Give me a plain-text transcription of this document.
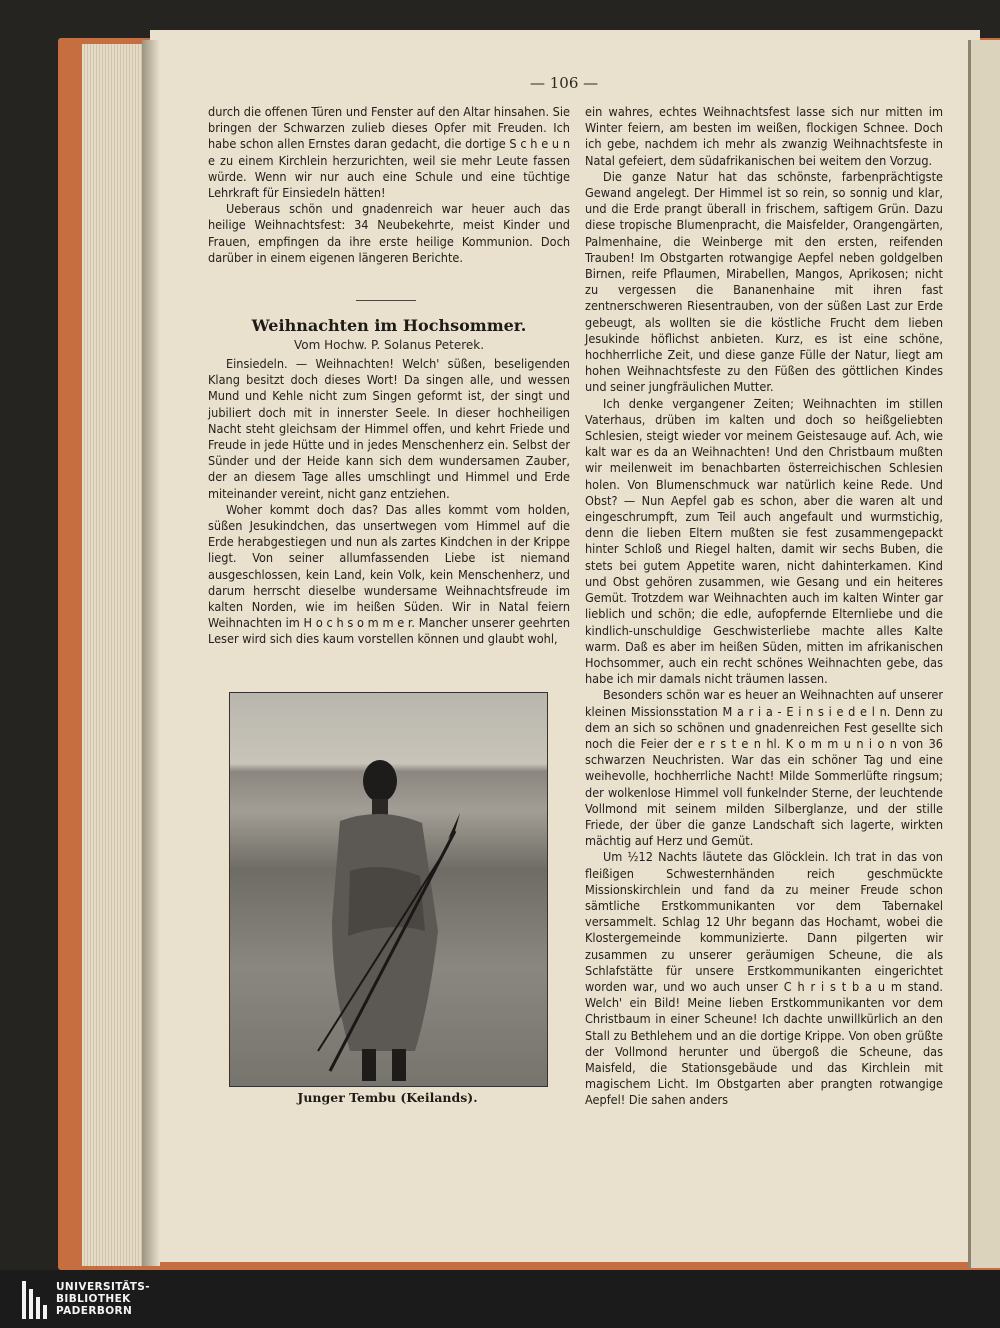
— 106 —

durch die offenen Türen und Fenster auf den Altar hinsahen. Sie bringen der Schwarzen zulieb dieses Opfer mit Freuden. Ich habe schon allen Ernstes daran gedacht, die dortige S c h e u n e zu einem Kirchlein herzurichten, weil sie mehr Leute fassen würde. Wenn wir nur auch eine Schule und eine tüchtige Lehrkraft für Einsiedeln hätten!

Ueberaus schön und gnadenreich war heuer auch das heilige Weihnachtsfest: 34 Neubekehrte, meist Kinder und Frauen, empfingen da ihre erste heilige Kommunion. Doch darüber in einem eigenen längeren Berichte.

Weihnachten im Hochsommer.
Vom Hochw. P. Solanus Peterek.

Einsiedeln. — Weihnachten! Welch' süßen, beseligenden Klang besitzt doch dieses Wort! Da singen alle, und wessen Mund und Kehle nicht zum Singen geformt ist, der singt und jubiliert doch mit in innerster Seele. In dieser hochheiligen Nacht steht gleichsam der Himmel offen, und kehrt Friede und Freude in jede Hütte und in jedes Menschenherz ein. Selbst der Sünder und der Heide kann sich dem wundersamen Zauber, der an diesem Tage alles umschlingt und Himmel und Erde miteinander vereint, nicht ganz entziehen.

Woher kommt doch das? Das alles kommt vom holden, süßen Jesukindchen, das unsertwegen vom Himmel auf die Erde herabgestiegen und nun als zartes Kindchen in der Krippe liegt. Von seiner allumfassenden Liebe ist niemand ausgeschlossen, kein Land, kein Volk, kein Menschenherz, und darum herrscht dieselbe wundersame Weihnachtsfreude im kalten Norden, wie im heißen Süden. Wir in Natal feiern Weihnachten im H o c h s o m m e r. Mancher unserer geehrten Leser wird sich dies kaum vorstellen können und glaubt wohl,

Junger Tembu (Keilands).

ein wahres, echtes Weihnachtsfest lasse sich nur mitten im Winter feiern, am besten im weißen, flockigen Schnee. Doch ich gebe, nachdem ich mehr als zwanzig Weihnachtsfeste in Natal gefeiert, dem südafrikanischen bei weitem den Vorzug.

Die ganze Natur hat das schönste, farbenprächtigste Gewand angelegt. Der Himmel ist so rein, so sonnig und klar, und die Erde prangt überall in frischem, saftigem Grün. Dazu diese tropische Blumenpracht, die Maisfelder, Orangengärten, Palmenhaine, die Weinberge mit den ersten, reifenden Trauben! Im Obstgarten rotwangige Aepfel neben goldgelben Birnen, reife Pflaumen, Mirabellen, Mangos, Aprikosen; nicht zu vergessen die Bananenhaine mit ihren fast zentnerschweren Riesentrauben, von der süßen Last zur Erde gebeugt, als wollten sie die köstliche Frucht dem lieben Jesukinde höflichst anbieten. Kurz, es ist eine schöne, hochherrliche Zeit, und diese ganze Fülle der Natur, liegt am hohen Weihnachtsfeste zu den Füßen des göttlichen Kindes und seiner jungfräulichen Mutter.

Ich denke vergangener Zeiten; Weihnachten im stillen Vaterhaus, drüben im kalten und doch so heißgeliebten Schlesien, steigt wieder vor meinem Geistesauge auf. Ach, wie kalt war es da an Weihnachten! Und den Christbaum mußten wir meilenweit im benachbarten österreichischen Schlesien holen. Von Blumenschmuck war natürlich keine Rede. Und Obst? — Nun Aepfel gab es schon, aber die waren alt und eingeschrumpft, zum Teil auch angefault und wurmstichig, denn die lieben Eltern mußten sie fest zusammengepackt hinter Schloß und Riegel halten, damit wir sechs Buben, die stets bei gutem Appetite waren, nicht dahinterkamen. Kind und Obst gehören zusammen, wie Gesang und ein heiteres Gemüt. Trotzdem war Weihnachten auch im kalten Winter gar lieblich und schön; die edle, aufopfernde Elternliebe und die kindlich-unschuldige Geschwisterliebe machte alles Kalte warm. Daß es aber im heißen Süden, mitten im afrikanischen Hochsommer, auch ein recht schönes Weihnachten gebe, das habe ich mir damals nicht träumen lassen.

Besonders schön war es heuer an Weihnachten auf unserer kleinen Missionsstation M a r i a - E i n s i e d e l n. Denn zu dem an sich so schönen und gnadenreichen Fest gesellte sich noch die Feier der e r s t e n hl. K o m m u n i o n von 36 schwarzen Neuchristen. War das ein schöner Tag und eine weihevolle, hochherrliche Nacht! Milde Sommerlüfte ringsum; der wolkenlose Himmel voll funkelnder Sterne, der leuchtende Vollmond mit seinem milden Silberglanze, und der stille Friede, der über die ganze Landschaft sich lagerte, wirkten mächtig auf Herz und Gemüt.

Um ½12 Nachts läutete das Glöcklein. Ich trat in das von fleißigen Schwesternhänden reich geschmückte Missionskirchlein und fand da zu meiner Freude schon sämtliche Erstkommunikanten vor dem Tabernakel versammelt. Schlag 12 Uhr begann das Hochamt, wobei die Klostergemeinde kommunizierte. Dann pilgerten wir zusammen zu unserer geräumigen Scheune, die als Schlafstätte für unsere Erstkommunikanten eingerichtet worden war, und wo auch unser C h r i s t b a u m stand. Welch' ein Bild! Meine lieben Erstkommunikanten vor dem Christbaum in einer Scheune! Ich dachte unwillkürlich an den Stall zu Bethlehem und an die dortige Krippe. Von oben grüßte der Vollmond herunter und übergoß die Scheune, das Maisfeld, die Stationsgebäude und das Kirchlein mit magischem Licht. Im Obstgarten aber prangten rotwangige Aepfel! Die sahen anders

UNIVERSITÄTS-
BIBLIOTHEK
PADERBORN
